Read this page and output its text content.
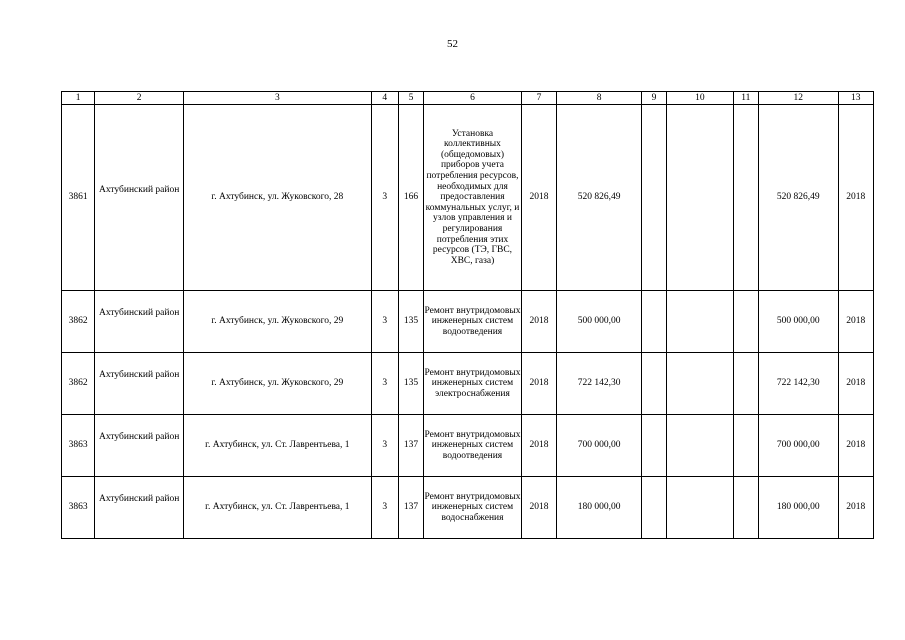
52
1	2	3	4	5	6	7	8	9	10	11	12	13
3861	Ахтубинский район	г. Ахтубинск, ул. Жуковского, 28	3	166	Установка коллективных (общедомовых) приборов учета потребления ресурсов, необходимых для предоставления коммунальных услуг, и узлов управления и регулирования потребления этих ресурсов (ТЭ, ГВС, ХВС, газа)	2018	520 826,49				520 826,49	2018
3862	Ахтубинский район	г. Ахтубинск, ул. Жуковского, 29	3	135	Ремонт внутридомовых инженерных систем водоотведения	2018	500 000,00				500 000,00	2018
3862	Ахтубинский район	г. Ахтубинск, ул. Жуковского, 29	3	135	Ремонт внутридомовых инженерных систем электроснабжения	2018	722 142,30				722 142,30	2018
3863	Ахтубинский район	г. Ахтубинск, ул. Ст. Лаврентьева, 1	3	137	Ремонт внутридомовых инженерных систем водоотведения	2018	700 000,00				700 000,00	2018
3863	Ахтубинский район	г. Ахтубинск, ул. Ст. Лаврентьева, 1	3	137	Ремонт внутридомовых инженерных систем водоснабжения	2018	180 000,00				180 000,00	2018
